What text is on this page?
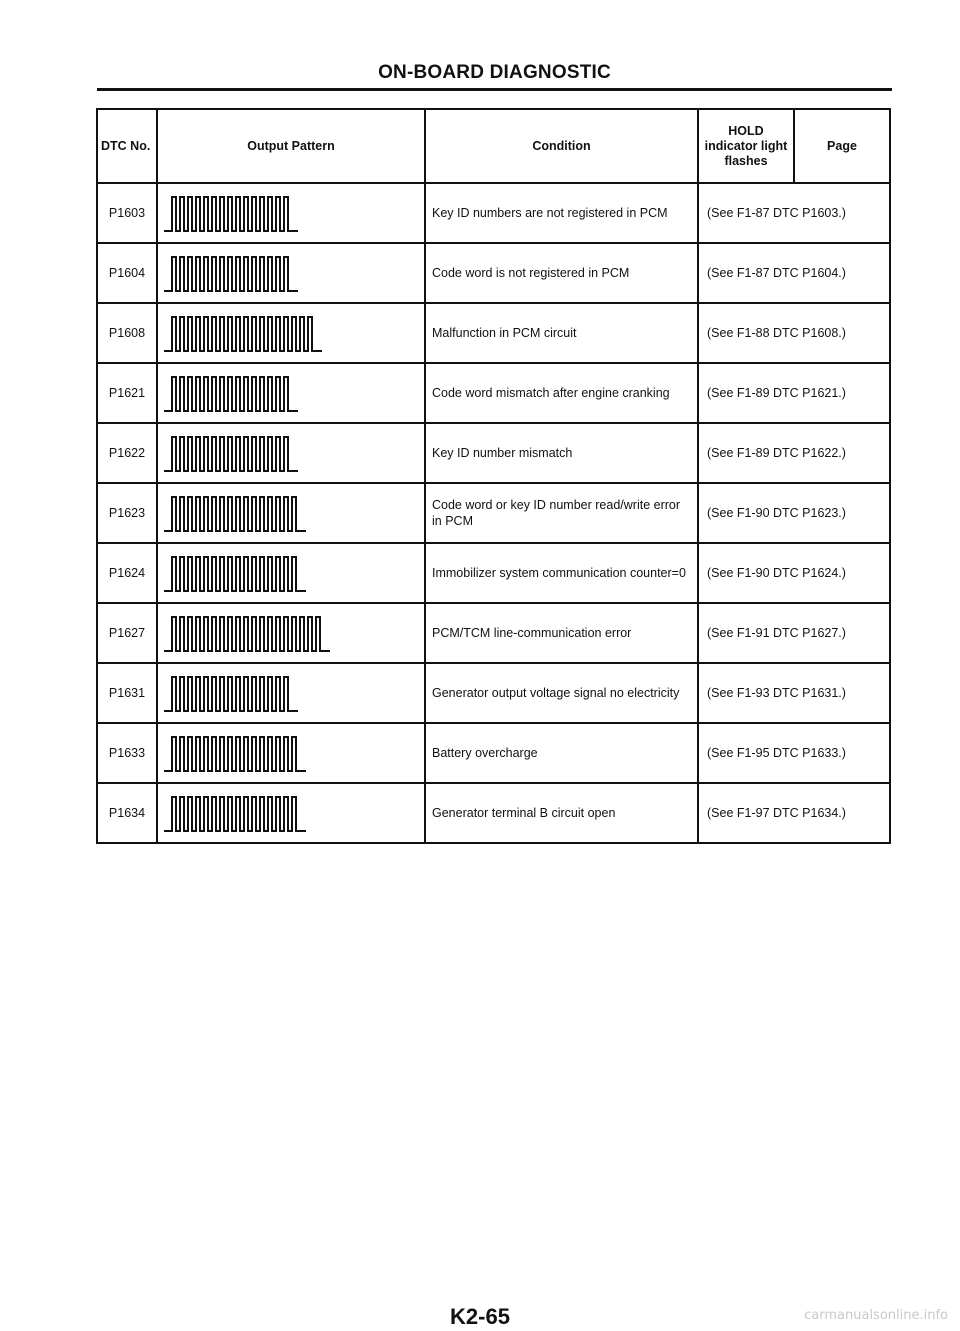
ON-BOARD DIAGNOSTIC
DTC No.	Output Pattern	Condition	HOLD indicator light flashes	Page
P1603		Key ID numbers are not registered in PCM	(See F1-87 DTC P1603.)	
P1604		Code word is not registered in PCM	(See F1-87 DTC P1604.)	
P1608		Malfunction in PCM circuit	(See F1-88 DTC P1608.)	
P1621		Code word mismatch after engine cranking	(See F1-89 DTC P1621.)	
P1622		Key ID number mismatch	(See F1-89 DTC P1622.)	
P1623		Code word or key ID number read/write error in PCM	(See F1-90 DTC P1623.)	
P1624		Immobilizer system communication counter=0	(See F1-90 DTC P1624.)	
P1627		PCM/TCM line-communication error	(See F1-91 DTC P1627.)	
P1631		Generator output voltage signal no electricity	(See F1-93 DTC P1631.)	
P1633		Battery overcharge	(See F1-95 DTC P1633.)	
P1634		Generator terminal B circuit open	(See F1-97 DTC P1634.)	
K2-65	carmanualsonline.info
